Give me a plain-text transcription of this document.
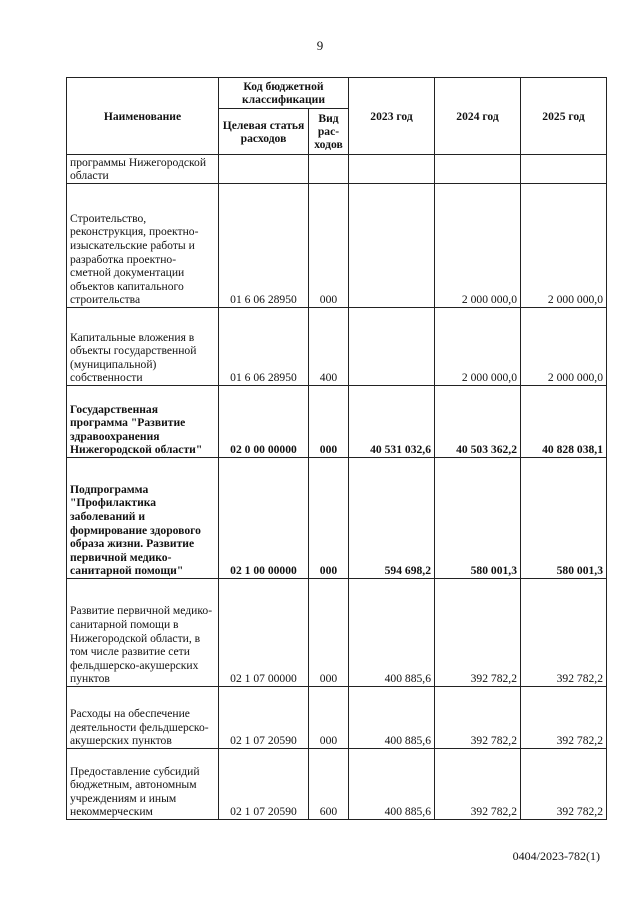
9
Наименование	Код бюджетной классификации		2023 год	2024 год	2025 год
	Целевая статья расходов	Вид рас-ходов			
программы Нижегородской области					
Строительство, реконструкция, проектно-изыскательские работы и разработка проектно-сметной документации объектов капитального строительства	01 6 06 28950	000		2 000 000,0	2 000 000,0
Капитальные вложения в объекты государственной (муниципальной) собственности	01 6 06 28950	400		2 000 000,0	2 000 000,0
Государственная программа "Развитие здравоохранения Нижегородской области"	02 0 00 00000	000	40 531 032,6	40 503 362,2	40 828 038,1
Подпрограмма "Профилактика заболеваний и формирование здорового образа жизни. Развитие первичной медико-санитарной помощи"	02 1 00 00000	000	594 698,2	580 001,3	580 001,3
Развитие первичной медико-санитарной помощи в Нижегородской области, в том числе развитие сети фельдшерско-акушерских пунктов	02 1 07 00000	000	400 885,6	392 782,2	392 782,2
Расходы на обеспечение деятельности фельдшерско-акушерских пунктов	02 1 07 20590	000	400 885,6	392 782,2	392 782,2
Предоставление субсидий бюджетным, автономным учреждениям и иным некоммерческим	02 1 07 20590	600	400 885,6	392 782,2	392 782,2
0404/2023-782(1)
